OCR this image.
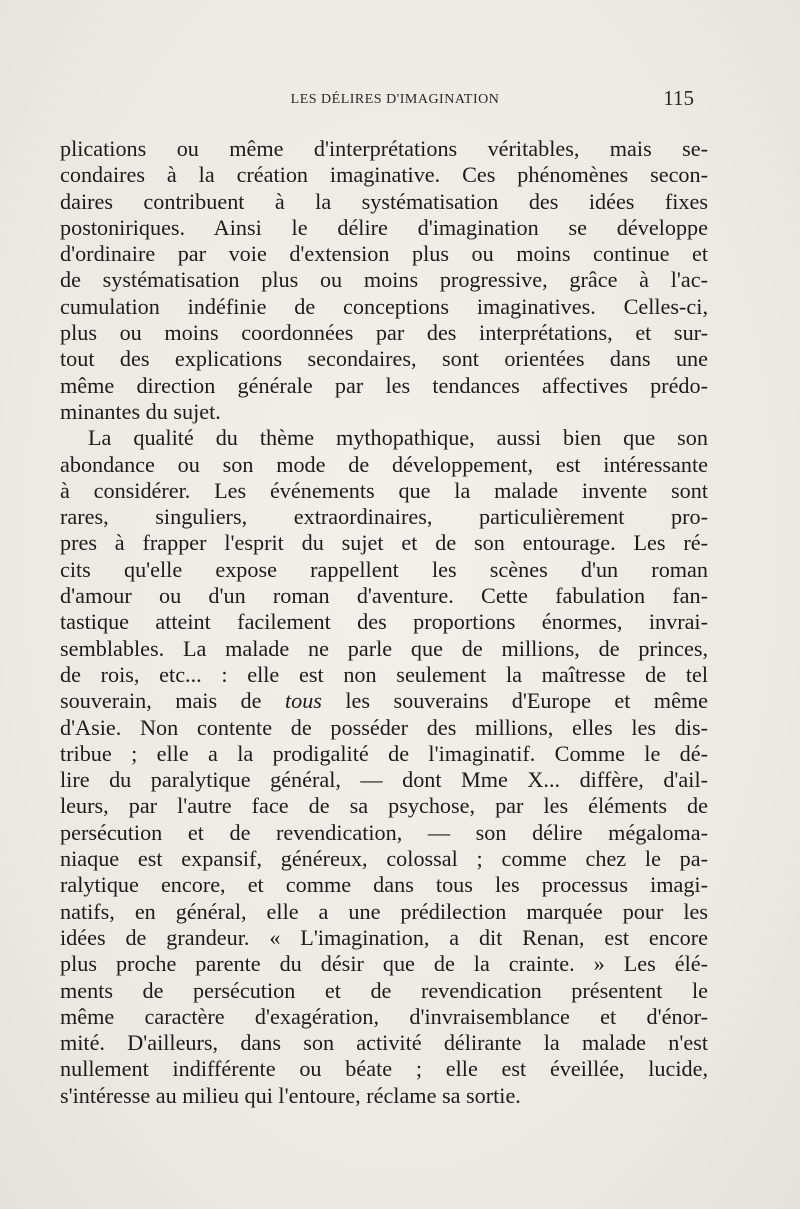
LES DÉLIRES D'IMAGINATION	115
plications ou même d'interprétations véritables, mais se-
condaires à la création imaginative. Ces phénomènes secon-
daires contribuent à la systématisation des idées fixes
postoniriques. Ainsi le délire d'imagination se développe
d'ordinaire par voie d'extension plus ou moins continue et
de systématisation plus ou moins progressive, grâce à l'ac-
cumulation indéfinie de conceptions imaginatives. Celles-ci,
plus ou moins coordonnées par des interprétations, et sur-
tout des explications secondaires, sont orientées dans une
même direction générale par les tendances affectives prédo-
minantes du sujet.
La qualité du thème mythopathique, aussi bien que son
abondance ou son mode de développement, est intéressante
à considérer. Les événements que la malade invente sont
rares, singuliers, extraordinaires, particulièrement pro-
pres à frapper l'esprit du sujet et de son entourage. Les ré-
cits qu'elle expose rappellent les scènes d'un roman
d'amour ou d'un roman d'aventure. Cette fabulation fan-
tastique atteint facilement des proportions énormes, invrai-
semblables. La malade ne parle que de millions, de princes,
de rois, etc... : elle est non seulement la maîtresse de tel
souverain, mais de tous les souverains d'Europe et même
d'Asie. Non contente de posséder des millions, elles les dis-
tribue ; elle a la prodigalité de l'imaginatif. Comme le dé-
lire du paralytique général, — dont Mme X... diffère, d'ail-
leurs, par l'autre face de sa psychose, par les éléments de
persécution et de revendication, — son délire mégaloma-
niaque est expansif, généreux, colossal ; comme chez le pa-
ralytique encore, et comme dans tous les processus imagi-
natifs, en général, elle a une prédilection marquée pour les
idées de grandeur. « L'imagination, a dit Renan, est encore
plus proche parente du désir que de la crainte. » Les élé-
ments de persécution et de revendication présentent le
même caractère d'exagération, d'invraisemblance et d'énor-
mité. D'ailleurs, dans son activité délirante la malade n'est
nullement indifférente ou béate ; elle est éveillée, lucide,
s'intéresse au milieu qui l'entoure, réclame sa sortie.
